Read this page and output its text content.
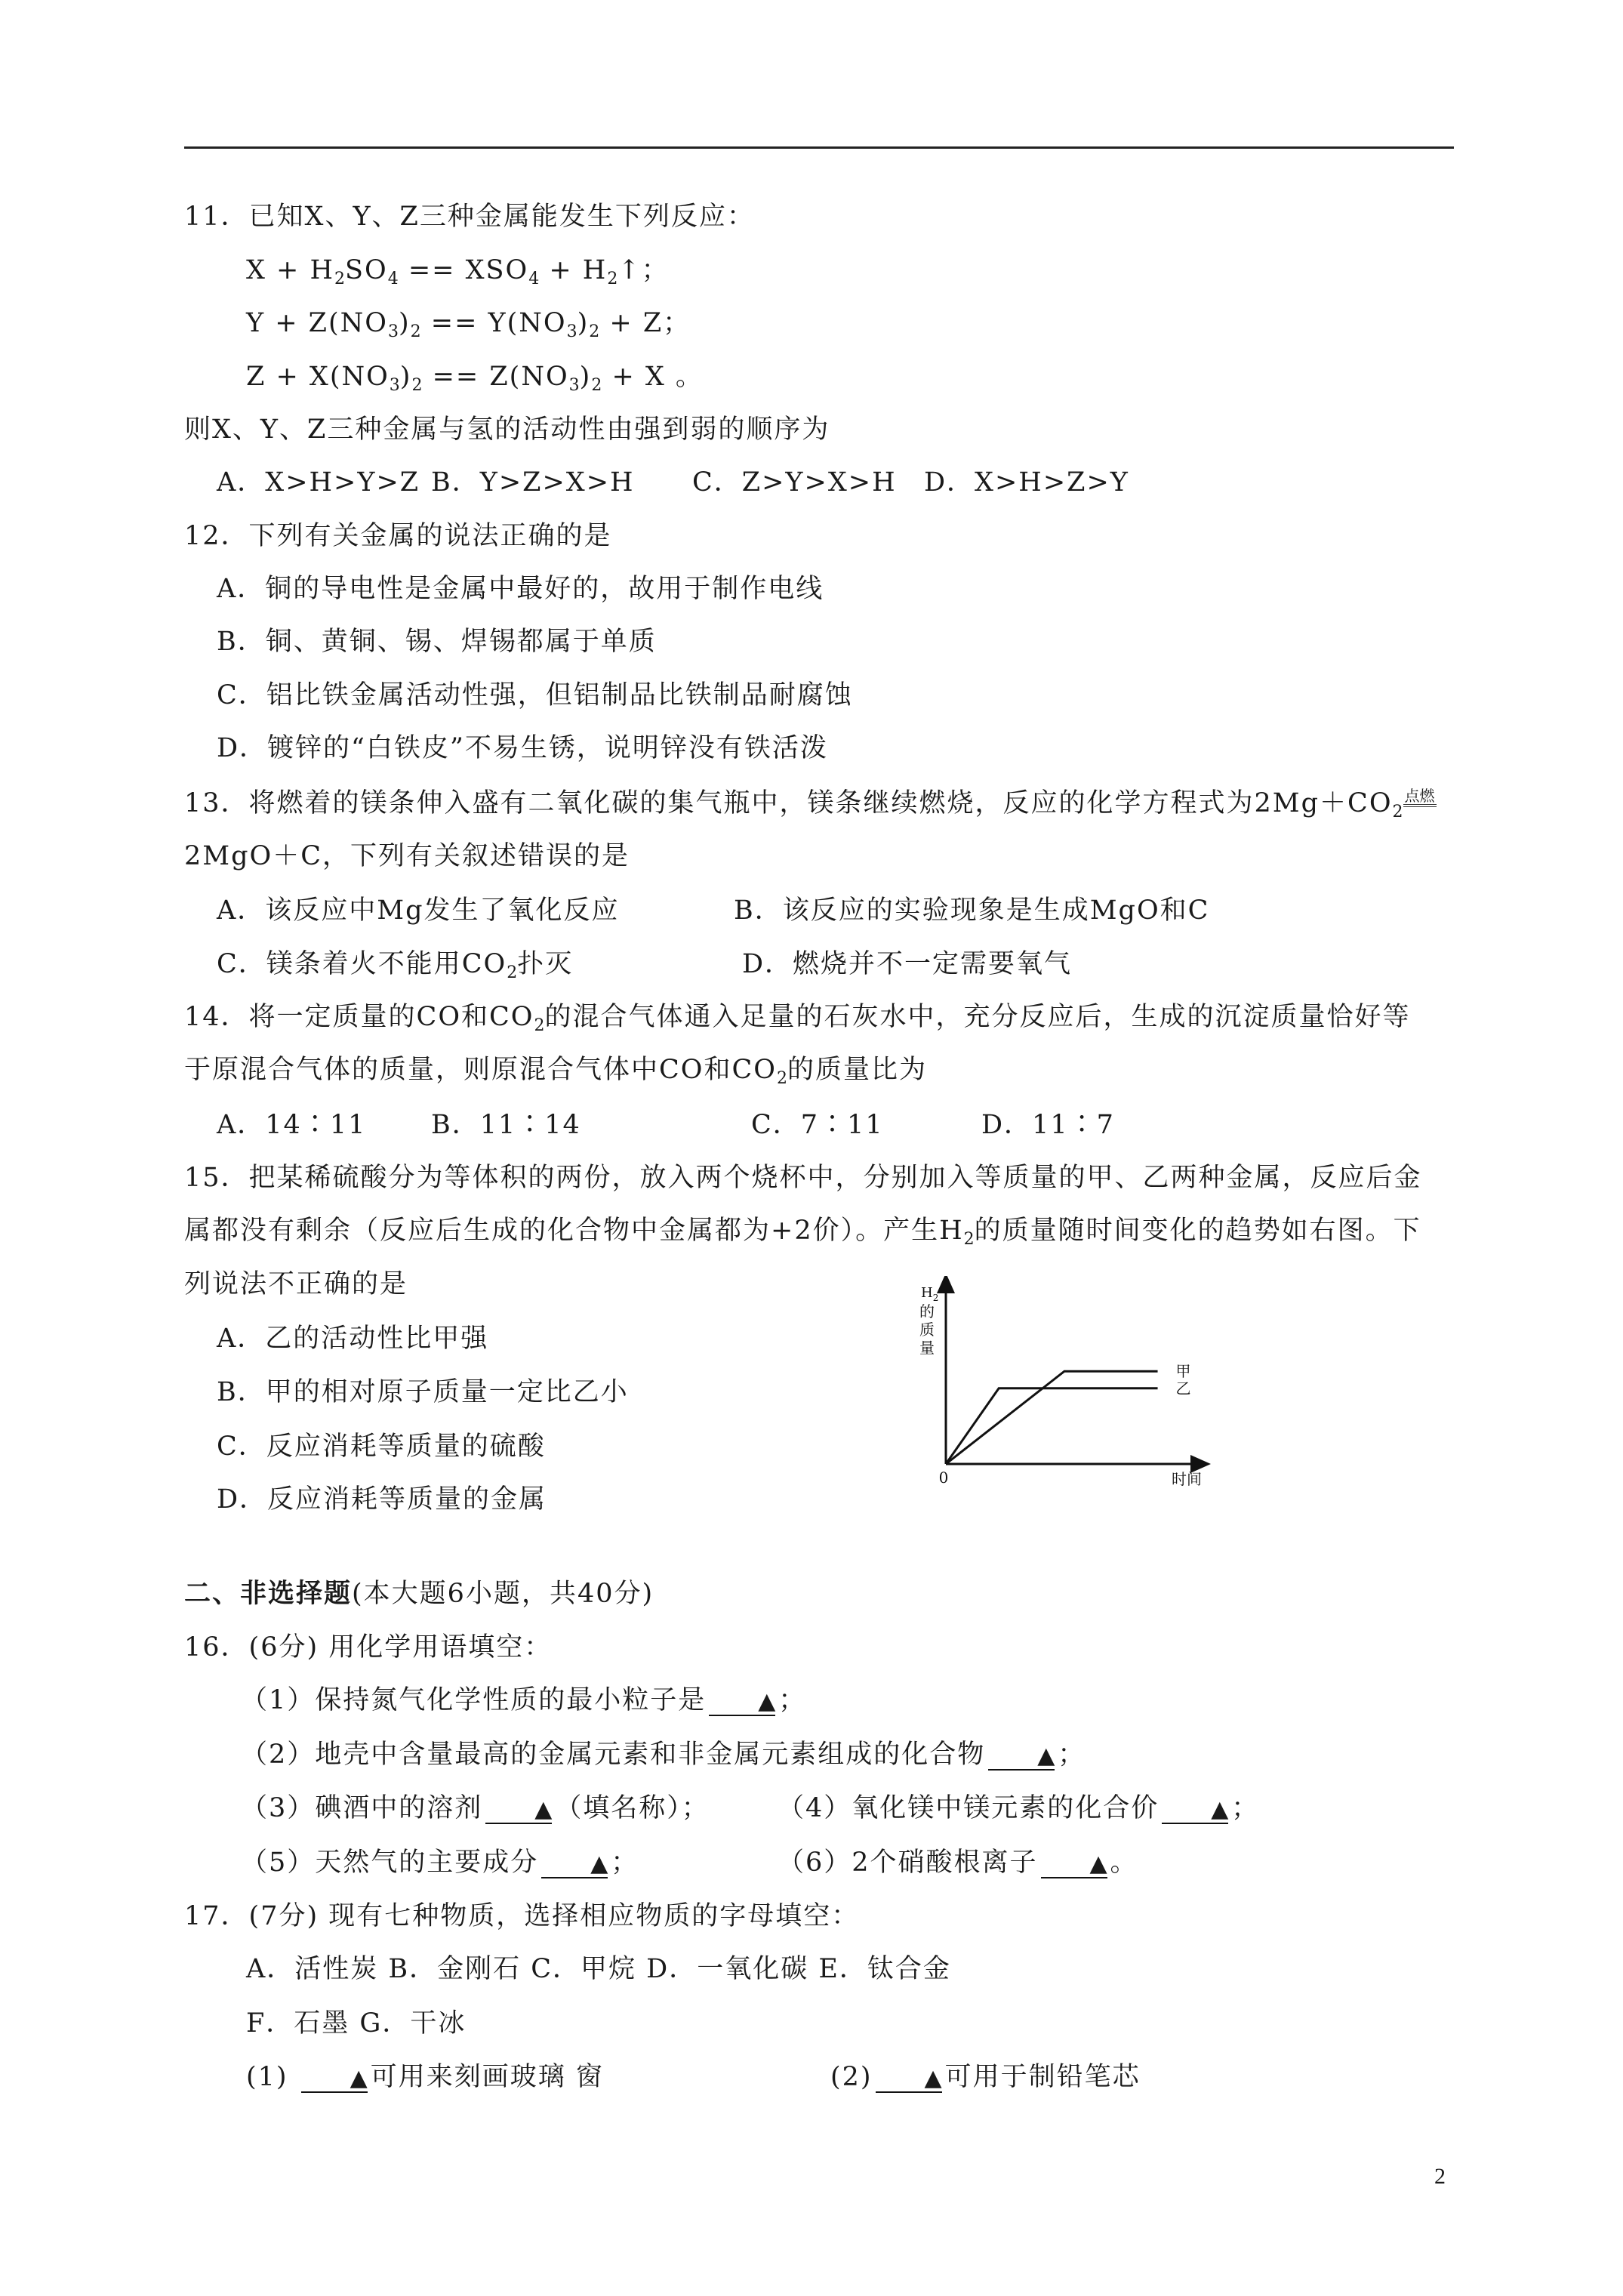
11．已知X、Y、Z三种金属能发生下列反应：
$X + H_2SO_4 == XSO_4$ + $H_2↑$；
$Y + Z(NO_3)_2 == Y(NO_3)_2 + Z$；
$Z + X(NO_3)_2 == Z(NO_3)_2 + X$ 。
则X、Y、Z三种金属与氢的活动性由强到弱的顺序为
A．X>H>Y>Z B．Y>Z>X>H C．Z>Y>X>H D．X>H>Z>Y
12．下列有关金属的说法正确的是
A．铜的导电性是金属中最好的，故用于制作电线
B．铜、黄铜、锡、焊锡都属于单质
C．铝比铁金属活动性强，但铝制品比铁制品耐腐蚀
D．镀锌的“白铁皮”不易生锈，说明锌没有铁活泼
13．将燃着的镁条伸入盛有二氧化碳的集气瓶中，镁条继续燃烧，反应的化学方程式为$2Mg+CO_2$点燃
2MgO＋C，下列有关叙述错误的是
A．该反应中Mg发生了氧化反应	B．该反应的实验现象是生成MgO和C
C．镁条着火不能用$CO_2$扑灭	D．燃烧并不一定需要氧气
14．将一定质量的CO和$CO_2$的混合气体通入足量的石灰水中，充分反应后，生成的沉淀质量恰好等
于原混合气体的质量，则原混合气体中CO和$CO_2$的质量比为
A．14∶11 B．11∶14	C．7∶11	D．11∶7
15．把某稀硫酸分为等体积的两份，放入两个烧杯中，分别加入等质量的甲、乙两种金属，反应后金
属都没有剩余（反应后生成的化合物中金属都为+2价）。产生$H_2$的质量随时间变化的趋势如右图。下
列说法不正确的是
A．乙的活动性比甲强
B．甲的相对原子质量一定比乙小
C．反应消耗等质量的硫酸
D．反应消耗等质量的金属
甲
乙
$H_2$
的
质
量
0	时间
二、非选择题(本大题6小题，共40分)
16．(6分) 用化学用语填空：
（1）保持氮气化学性质的最小粒子是 ▲ ；
（2）地壳中含量最高的金属元素和非金属元素组成的化合物 ▲ ；
（3）碘酒中的溶剂 ▲ （填名称）；	（4）氧化镁中镁元素的化合价 ▲ ；
（5）天然气的主要成分 ▲ ；	（6）2个硝酸根离子 ▲ 。
17．(7分) 现有七种物质，选择相应物质的字母填空：
A．活性炭 B．金刚石 C．甲烷 D．一氧化碳 E．钛合金
F．石墨 G．干冰
(1) ▲ 可用来刻画玻璃 窗	(2) ▲ 可用于制铅笔芯
2
